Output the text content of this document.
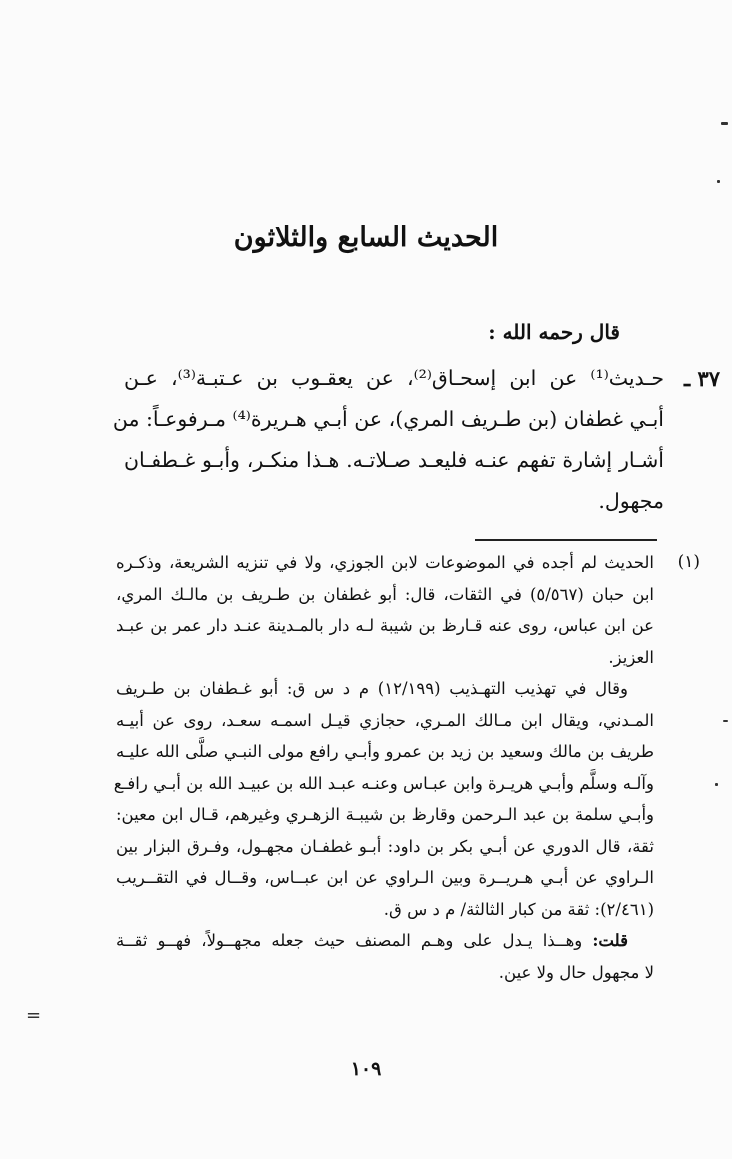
الحديث السابع والثلاثون
قال رحمه الله :
٣٧ ـ
حـديث⁽¹⁾ عن ابن إسحـاق⁽²⁾، عن يعقـوب بن عـتبـة⁽³⁾، عـن
أبـي غطفان (بن طـريف المري)، عن أبـي هـريرة⁽⁴⁾ مـرفوعـاً: من
أشـار إشارة تفهم عنـه فليعـد صـلاتـه. هـذا منكـر، وأبـو غـطفـان
مجهول.
(١)
الحديث لم أجده في الموضوعات لابن الجوزي، ولا في تنزيه الشريعة، وذكـره
ابن حبان (٥/٥٦٧) في الثقات، قال: أبو غطفان بن طـريف بن مالـك المري،
عن ابن عباس، روى عنه قـارظ بن شيبة لـه دار بالمـدينة عنـد دار عمر بن عبـد
العزيز.
وقال في تهذيب التهـذيب (١٢/١٩٩) م د س ق: أبو غـطفان بن طـريف
المـدني، ويقال ابن مـالك المـري، حجازي قيـل اسمـه سعـد، روى عن أبيـه
طريف بن مالك وسعيد بن زيد بن عمرو وأبـي رافع مولى النبـي صلَّى الله عليـه
وآلـه وسلَّم وأبـي هريـرة وابن عبـاس وعنـه عبـد الله بن عبيـد الله بن أبـي رافـع
وأبـي سلمة بن عبد الـرحمن وقارظ بن شيبـة الزهـري وغيرهم، قـال ابن معين:
ثقة، قال الدوري عن أبـي بكر بن داود: أبـو غطفـان مجهـول، وفـرق البزار بين
الـراوي عن أبـي هـريــرة وبين الـراوي عن ابن عبــاس، وقــال في التقــريب
(٢/٤٦١): ثقة من كبار الثالثة/ م د س ق.
قلت: وهــذا يـدل على وهـم المصنف حيث جعله مجهــولاً، فهــو ثقــة
لا مجهول حال ولا عين.
=
١٠٩
